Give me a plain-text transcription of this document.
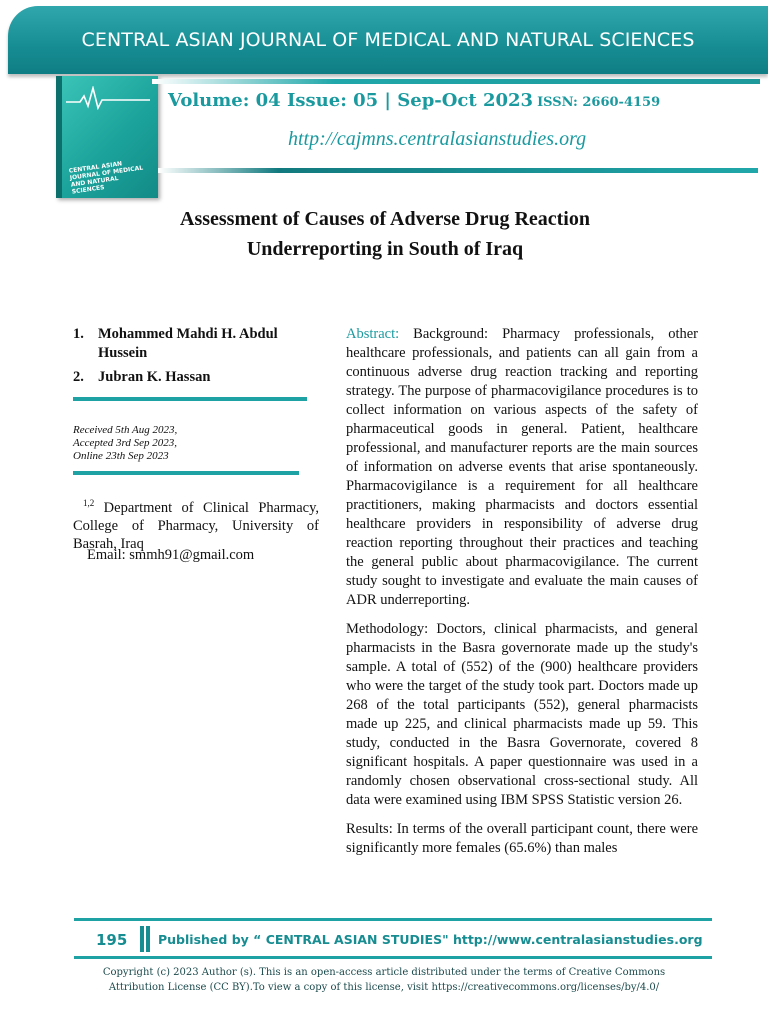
CENTRAL ASIAN JOURNAL OF MEDICAL AND NATURAL SCIENCES
CENTRAL ASIAN JOURNAL OF MEDICAL AND NATURAL SCIENCES
Volume: 04 Issue: 05 | Sep-Oct 2023 ISSN: 2660-4159
http://cajmns.centralasianstudies.org
Assessment of Causes of Adverse Drug Reaction Underreporting in South of Iraq
1. Mohammed Mahdi H. Abdul Hussein
2. Jubran K. Hassan
Received 5th Aug 2023,
Accepted 3rd Sep 2023,
Online 23th Sep 2023
$^{1,2}$ Department of Clinical Pharmacy, College of Pharmacy, University of Basrah, Iraq
Email: smmh91@gmail.com

Abstract: Background: Pharmacy professionals, other healthcare professionals, and patients can all gain from a continuous adverse drug reaction tracking and reporting strategy. The purpose of pharmacovigilance procedures is to collect information on various aspects of the safety of pharmaceutical goods in general. Patient, healthcare professional, and manufacturer reports are the main sources of information on adverse events that arise spontaneously. Pharmacovigilance is a requirement for all healthcare practitioners, making pharmacists and doctors essential healthcare providers in responsibility of adverse drug reaction reporting throughout their practices and teaching the general public about pharmacovigilance. The current study sought to investigate and evaluate the main causes of ADR underreporting.

Methodology: Doctors, clinical pharmacists, and general pharmacists in the Basra governorate made up the study's sample. A total of (552) of the (900) healthcare providers who were the target of the study took part. Doctors made up 268 of the total participants (552), general pharmacists made up 225, and clinical pharmacists made up 59. This study, conducted in the Basra Governorate, covered 8 significant hospitals. A paper questionnaire was used in a randomly chosen observational cross-sectional study. All data were examined using IBM SPSS Statistic version 26.

Results: In terms of the overall participant count, there were significantly more females (65.6%) than males

195 Published by “ CENTRAL ASIAN STUDIES" http://www.centralasianstudies.org
Copyright (c) 2023 Author (s). This is an open-access article distributed under the terms of Creative Commons
Attribution License (CC BY).To view a copy of this license, visit https://creativecommons.org/licenses/by/4.0/
